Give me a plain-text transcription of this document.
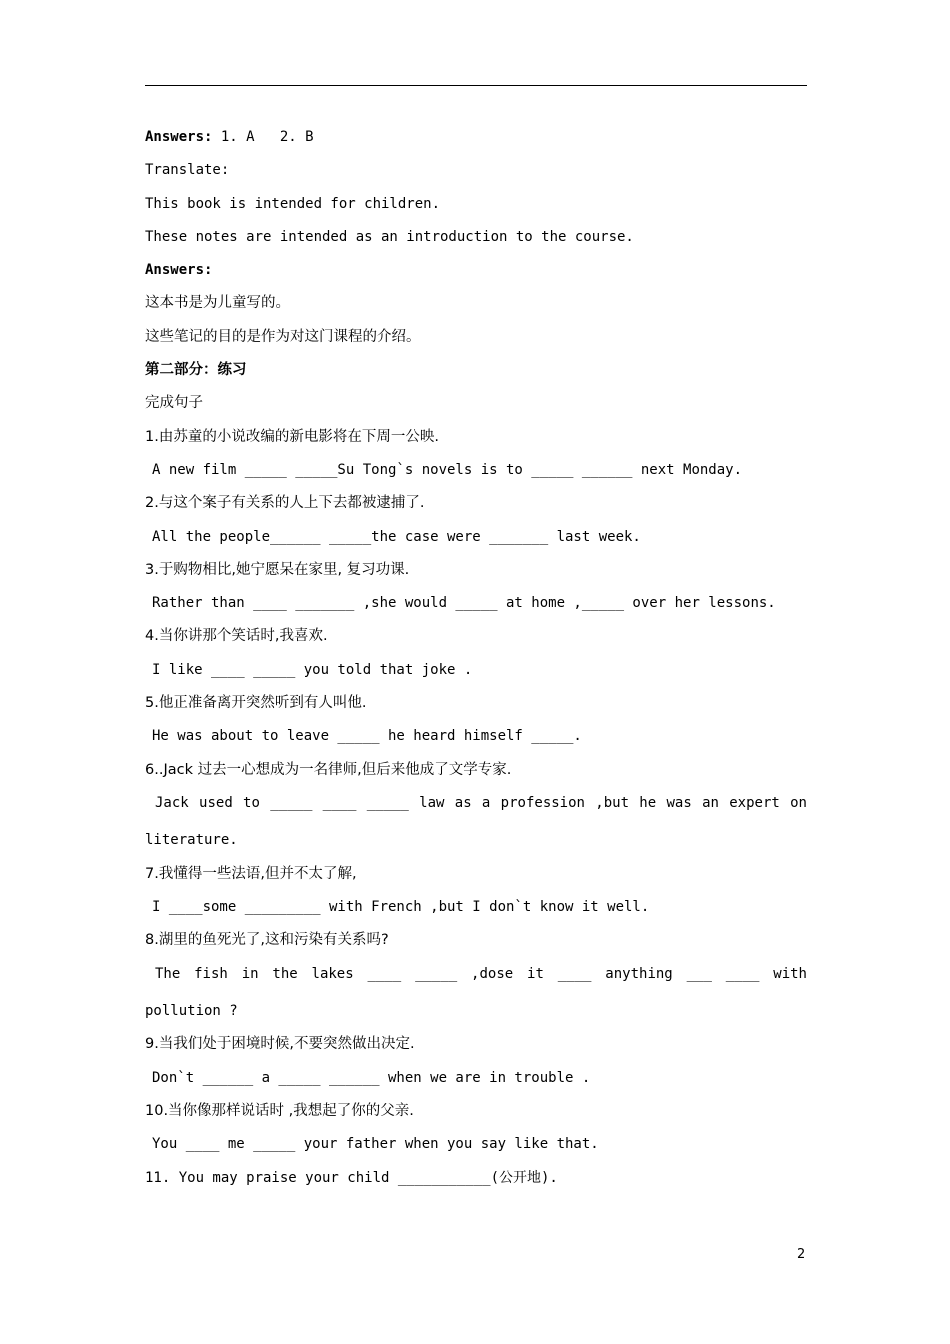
Answers: 1. A   2. B
Translate:
This book is intended for children.
These notes are intended as an introduction to the course.
Answers:
这本书是为儿童写的。
这些笔记的目的是作为对这门课程的介绍。
第二部分：练习
完成句子
1.由苏童的小说改编的新电影将在下周一公映.
A new film _____ _____Su Tong`s novels is to _____ ______ next Monday.
2.与这个案子有关系的人上下去都被逮捕了.
All the people______ _____the case were _______ last week.
3.于购物相比,她宁愿呆在家里, 复习功课.
Rather than ____ _______ ,she would _____ at home ,_____ over her lessons.
4.当你讲那个笑话时,我喜欢.
I like ____ _____ you told that joke .
5.他正准备离开突然听到有人叫他.
He was about to leave _____ he heard himself _____.
6..Jack 过去一心想成为一名律师,但后来他成了文学专家.
Jack used to _____ ____ _____ law as a profession ,but he was an expert on
literature.
7.我懂得一些法语,但并不太了解,
I ____some _________ with French ,but I don`t know it well.
8.湖里的鱼死光了,这和污染有关系吗?
The fish in the lakes ____ _____ ,dose it ____ anything ___ ____ with
pollution ?
9.当我们处于困境时候,不要突然做出决定.
Don`t ______ a _____ ______ when we are in trouble .
10.当你像那样说话时 ,我想起了你的父亲.
You ____ me _____ your father when you say like that.
11. You may praise your child ___________(公开地).
2
